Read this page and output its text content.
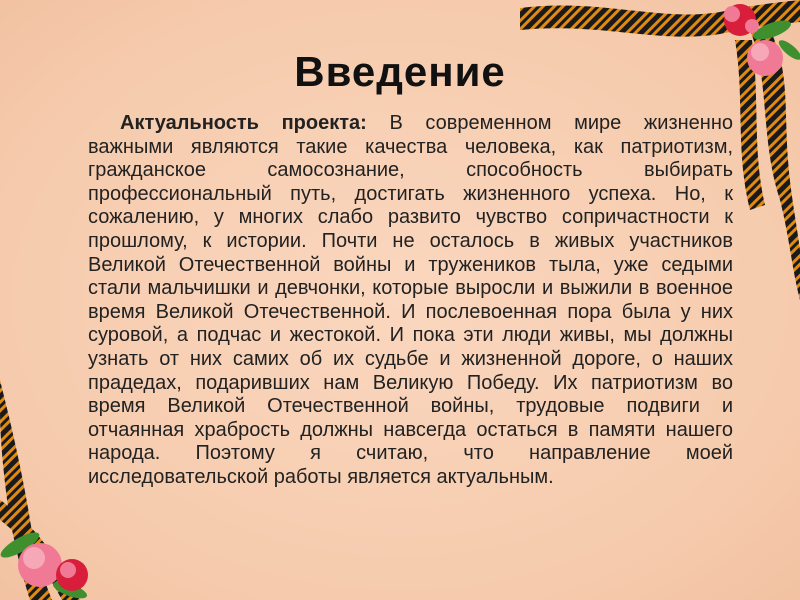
Введение
Актуальность проекта: В современном мире жизненно важными являются такие качества человека, как патриотизм, гражданское самосознание, способность выбирать профессиональный путь, достигать жизненного успеха. Но, к сожалению, у многих слабо развито чувство сопричастности к прошлому, к истории. Почти не осталось в живых участников Великой Отечественной войны и тружеников тыла, уже седыми стали мальчишки и девчонки, которые выросли и выжили в военное время Великой Отечественной. И послевоенная пора была у них суровой, а подчас и жестокой. И пока эти люди живы, мы должны узнать от них самих об их судьбе и жизненной дороге, о наших прадедах, подаривших нам Великую Победу. Их патриотизм во время Великой Отечественной войны, трудовые подвиги и отчаянная храбрость должны навсегда остаться в памяти нашего народа. Поэтому я считаю, что направление моей исследовательской работы является актуальным.
